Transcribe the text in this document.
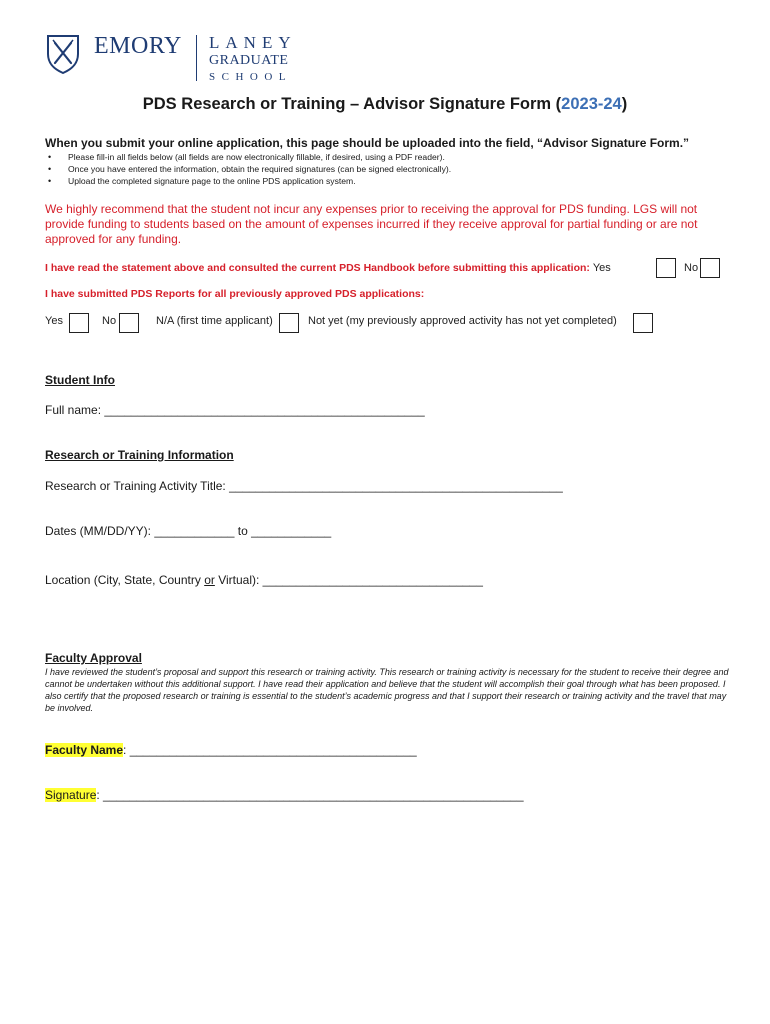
EMORY LANEY
GRADUATE
SCHOOL
PDS Research or Training – Advisor Signature Form (2023-24)
When you submit your online application, this page should be uploaded into the field, “Advisor Signature Form.”
• Please fill-in all fields below (all fields are now electronically fillable, if desired, using a PDF reader).
• Once you have entered the information, obtain the required signatures (can be signed electronically).
• Upload the completed signature page to the online PDS application system.
We highly recommend that the student not incur any expenses prior to receiving the approval for PDS funding. LGS will not provide funding to students based on the amount of expenses incurred if they receive approval for partial funding or are not approved for any funding.
I have read the statement above and consulted the current PDS Handbook before submitting this application: Yes	No
I have submitted PDS Reports for all previously approved PDS applications:
Yes	No	N/A (first time applicant)	Not yet (my previously approved activity has not yet completed)
Student Info
Full name: ________________________________________________
Research or Training Information
Research or Training Activity Title: __________________________________________________
Dates (MM/DD/YY): ____________ to ____________
Location (City, State, Country or Virtual): _________________________________
Faculty Approval
I have reviewed the student’s proposal and support this research or training activity. This research or training activity is necessary for the student to receive their degree and cannot be undertaken without this additional support. I have read their application and believe that the student will accomplish their goal through what has been proposed. I also certify that the proposed research or training is essential to the student’s academic progress and that I support their research or training activity and the travel that may be involved.
Faculty Name: ___________________________________________
Signature: _______________________________________________________________
